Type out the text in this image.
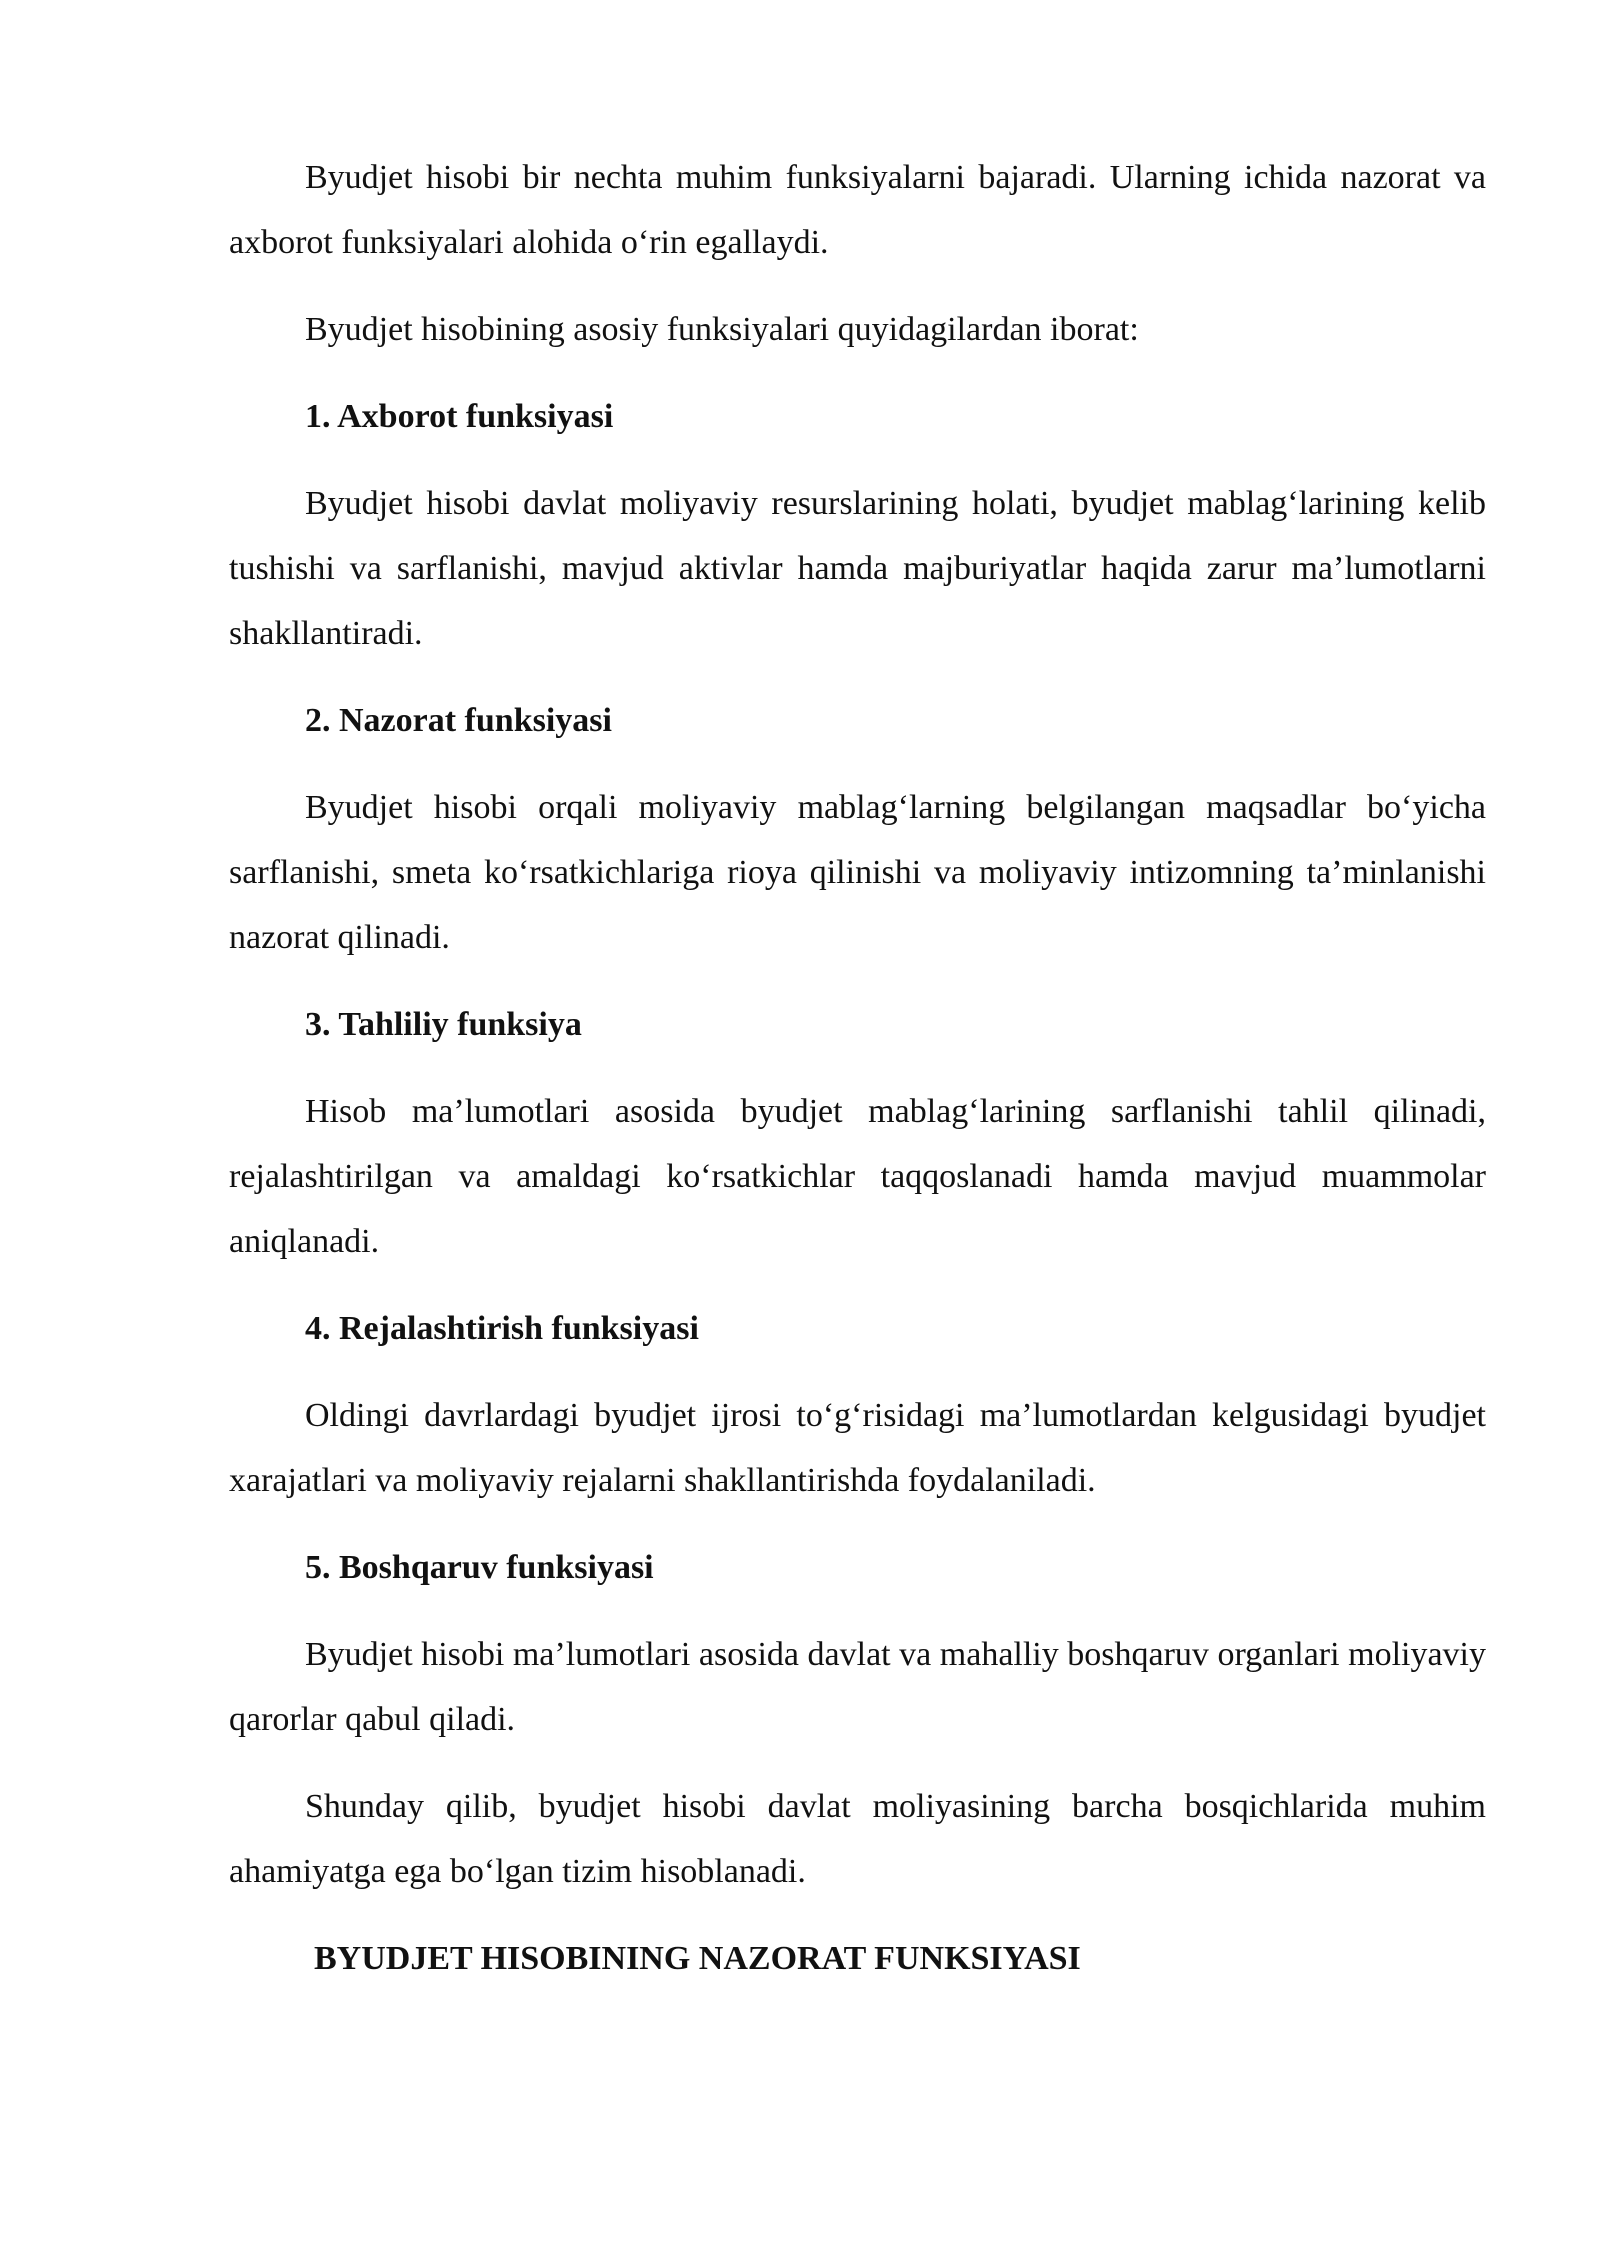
Byudjet hisobi bir nechta muhim funksiyalarni bajaradi. Ularning ichida nazorat va axborot funksiyalari alohida o‘rin egallaydi.

Byudjet hisobining asosiy funksiyalari quyidagilardan iborat:

1. Axborot funksiyasi

Byudjet hisobi davlat moliyaviy resurslarining holati, byudjet mablag‘larining kelib tushishi va sarflanishi, mavjud aktivlar hamda majburiyatlar haqida zarur ma’lumotlarni shakllantiradi.

2. Nazorat funksiyasi

Byudjet hisobi orqali moliyaviy mablag‘larning belgilangan maqsadlar bo‘yicha sarflanishi, smeta ko‘rsatkichlariga rioya qilinishi va moliyaviy intizomning ta’minlanishi nazorat qilinadi.

3. Tahliliy funksiya

Hisob ma’lumotlari asosida byudjet mablag‘larining sarflanishi tahlil qilinadi, rejalashtirilgan va amaldagi ko‘rsatkichlar taqqoslanadi hamda mavjud muammolar aniqlanadi.

4. Rejalashtirish funksiyasi

Oldingi davrlardagi byudjet ijrosi to‘g‘risidagi ma’lumotlardan kelgusidagi byudjet xarajatlari va moliyaviy rejalarni shakllantirishda foydalaniladi.

5. Boshqaruv funksiyasi

Byudjet hisobi ma’lumotlari asosida davlat va mahalliy boshqaruv organlari moliyaviy qarorlar qabul qiladi.

Shunday qilib, byudjet hisobi davlat moliyasining barcha bosqichlarida muhim ahamiyatga ega bo‘lgan tizim hisoblanadi.

BYUDJET HISOBINING NAZORAT FUNKSIYASI
